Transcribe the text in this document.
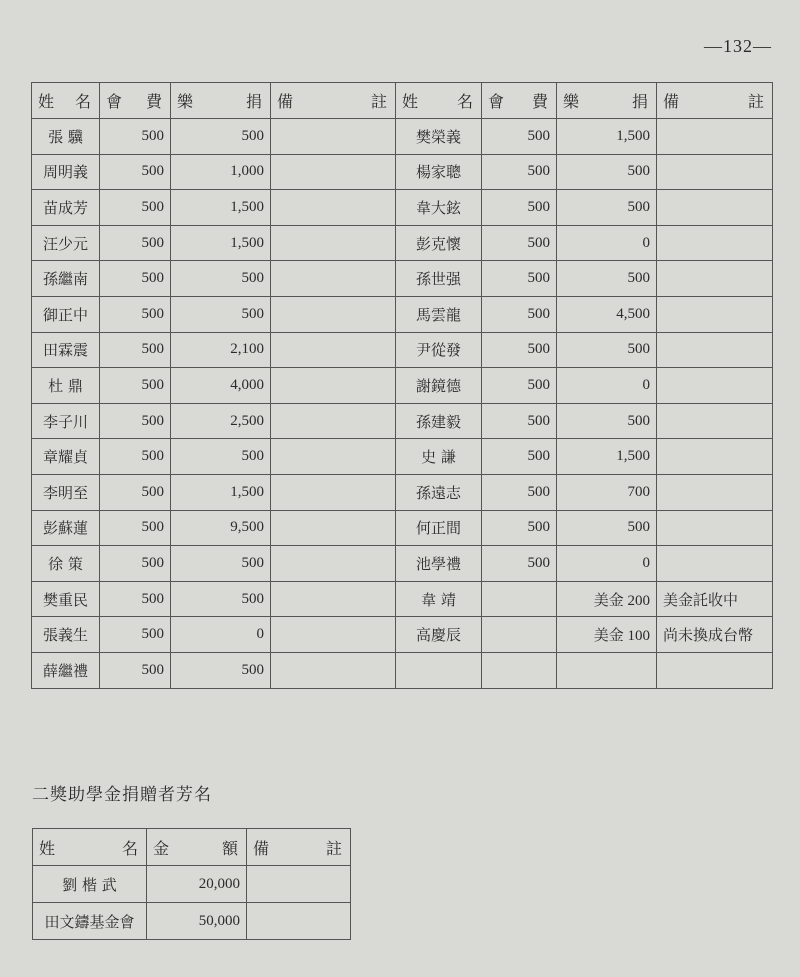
—132—
姓 名	會 費	樂 捐	備 註	姓 名	會 費	樂 捐	備 註

張 驥	500	500		樊榮義	500	1,500	
周明義	500	1,000		楊家聰	500	500	
苗成芳	500	1,500		韋大鉉	500	500	
汪少元	500	1,500		彭克懷	500	0	
孫繼南	500	500		孫世强	500	500	
御正中	500	500		馬雲龍	500	4,500	
田霖震	500	2,100		尹從發	500	500	
杜 鼎	500	4,000		謝鏡德	500	0	
李子川	500	2,500		孫建毅	500	500	
章耀貞	500	500		史 謙	500	1,500	
李明至	500	1,500		孫遠志	500	700	
彭蘇蓮	500	9,500		何正間	500	500	
徐 策	500	500		池學禮	500	0	
樊重民	500	500		韋 靖		美金 200	美金託收中
張義生	500	0		高慶辰		美金 100	尚未換成台幣
薛繼禮	500	500					
二獎助學金捐贈者芳名
姓 名	金 額	備 註

劉 楷 武	20,000	
田文鑄基金會	50,000	
